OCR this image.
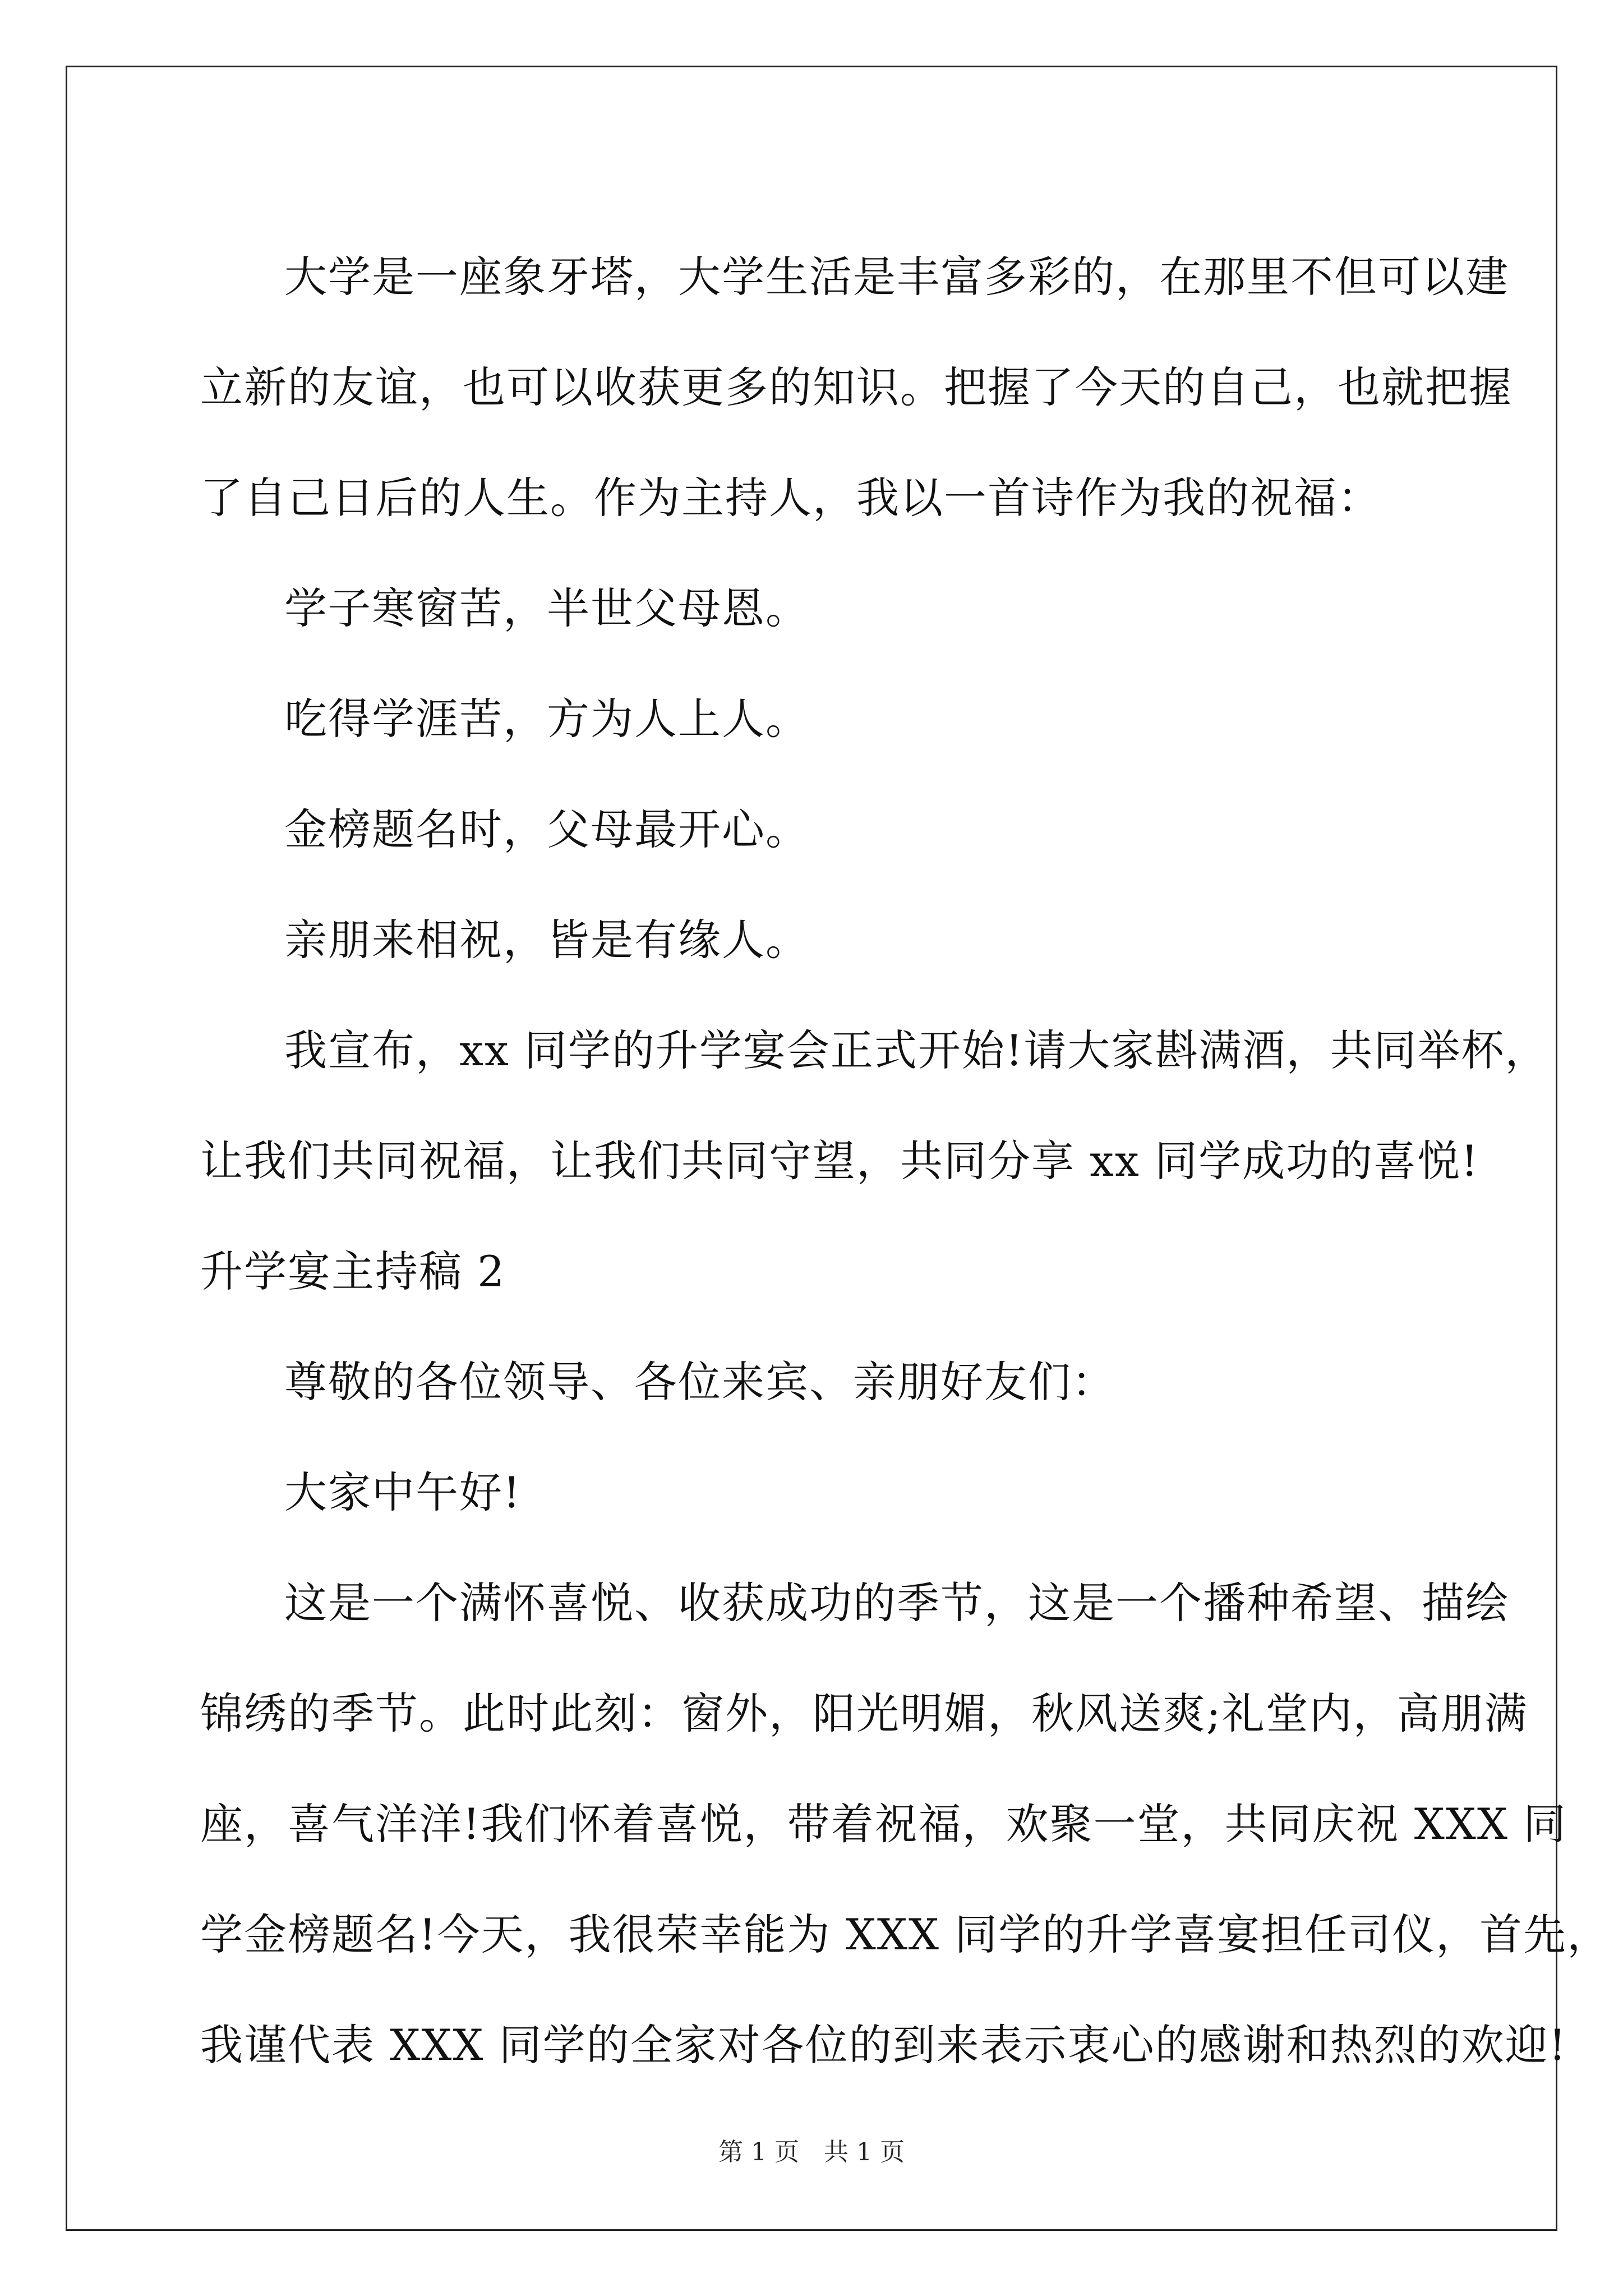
大学是一座象牙塔，大学生活是丰富多彩的，在那里不但可以建
立新的友谊，也可以收获更多的知识。把握了今天的自己，也就把握
了自己日后的人生。作为主持人，我以一首诗作为我的祝福：
学子寒窗苦，半世父母恩。
吃得学涯苦，方为人上人。
金榜题名时，父母最开心。
亲朋来相祝，皆是有缘人。
我宣布，xx 同学的升学宴会正式开始!请大家斟满酒，共同举杯，
让我们共同祝福，让我们共同守望，共同分享 xx 同学成功的喜悦!
升学宴主持稿 2
尊敬的各位领导、各位来宾、亲朋好友们：
大家中午好!
这是一个满怀喜悦、收获成功的季节，这是一个播种希望、描绘
锦绣的季节。此时此刻：窗外，阳光明媚，秋风送爽;礼堂内，高朋满
座，喜气洋洋!我们怀着喜悦，带着祝福，欢聚一堂，共同庆祝 XXX 同
学金榜题名!今天，我很荣幸能为 XXX 同学的升学喜宴担任司仪，首先，
我谨代表 XXX 同学的全家对各位的到来表示衷心的感谢和热烈的欢迎!
第 1 页　共 1 页
